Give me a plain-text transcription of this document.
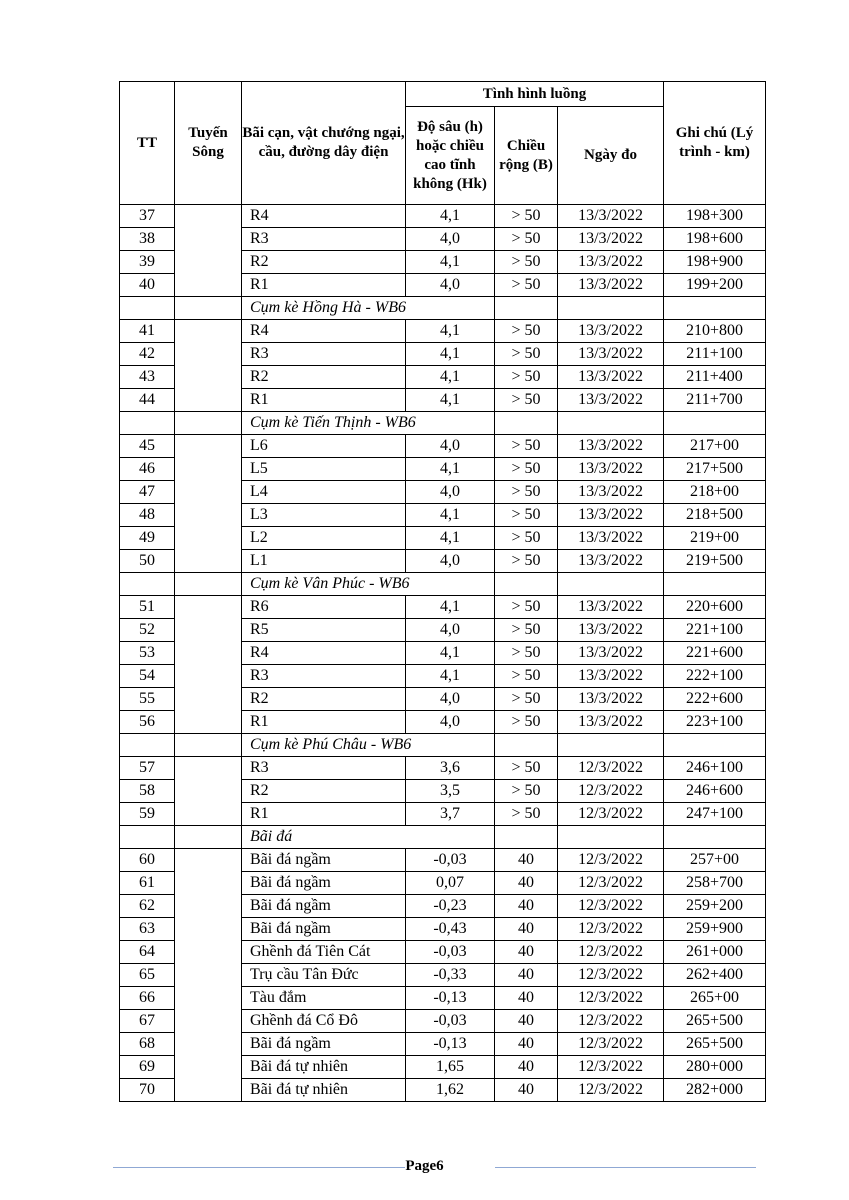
TT	Tuyến Sông	Bãi cạn, vật chướng ngại, cầu, đường dây điện	Tình hình luồng			Ghi chú (Lý trình - km)
			Độ sâu (h) hoặc chiều cao tĩnh không (Hk)	Chiều rộng (B)	Ngày đo	
37		R4	4,1	> 50	13/3/2022	198+300
38		R3	4,0	> 50	13/3/2022	198+600
39		R2	4,1	> 50	13/3/2022	198+900
40		R1	4,0	> 50	13/3/2022	199+200
		Cụm kè Hồng Hà - WB6				
41		R4	4,1	> 50	13/3/2022	210+800
42		R3	4,1	> 50	13/3/2022	211+100
43		R2	4,1	> 50	13/3/2022	211+400
44		R1	4,1	> 50	13/3/2022	211+700
		Cụm kè Tiến Thịnh - WB6				
45		L6	4,0	> 50	13/3/2022	217+00
46		L5	4,1	> 50	13/3/2022	217+500
47		L4	4,0	> 50	13/3/2022	218+00
48		L3	4,1	> 50	13/3/2022	218+500
49		L2	4,1	> 50	13/3/2022	219+00
50		L1	4,0	> 50	13/3/2022	219+500
		Cụm kè Vân Phúc - WB6				
51		R6	4,1	> 50	13/3/2022	220+600
52		R5	4,0	> 50	13/3/2022	221+100
53		R4	4,1	> 50	13/3/2022	221+600
54		R3	4,1	> 50	13/3/2022	222+100
55		R2	4,0	> 50	13/3/2022	222+600
56		R1	4,0	> 50	13/3/2022	223+100
		Cụm kè Phú Châu - WB6				
57		R3	3,6	> 50	12/3/2022	246+100
58		R2	3,5	> 50	12/3/2022	246+600
59		R1	3,7	> 50	12/3/2022	247+100
		Bãi đá				
60		Bãi đá ngầm	-0,03	40	12/3/2022	257+00
61		Bãi đá ngầm	0,07	40	12/3/2022	258+700
62		Bãi đá ngầm	-0,23	40	12/3/2022	259+200
63		Bãi đá ngầm	-0,43	40	12/3/2022	259+900
64		Ghềnh đá Tiên Cát	-0,03	40	12/3/2022	261+000
65		Trụ cầu Tân Đức	-0,33	40	12/3/2022	262+400
66		Tàu đắm	-0,13	40	12/3/2022	265+00
67		Ghềnh đá Cổ Đô	-0,03	40	12/3/2022	265+500
68		Bãi đá ngầm	-0,13	40	12/3/2022	265+500
69		Bãi đá tự nhiên	1,65	40	12/3/2022	280+000
70		Bãi đá tự nhiên	1,62	40	12/3/2022	282+000
Page6
